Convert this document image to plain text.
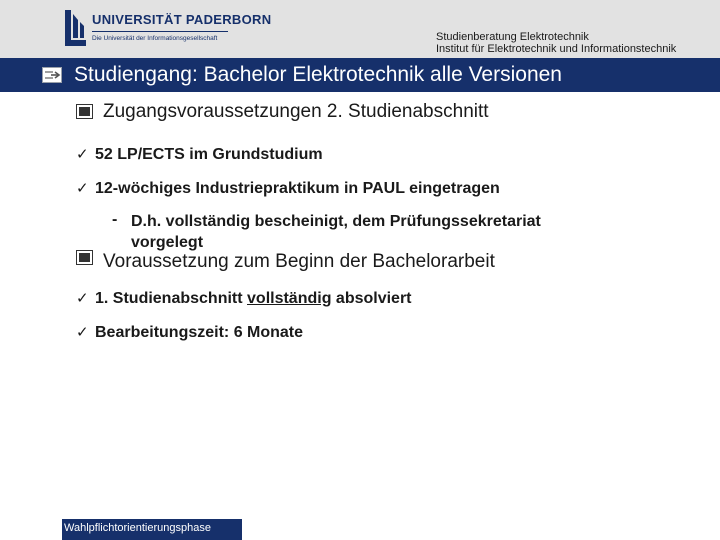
UNIVERSITÄT PADERBORN
Die Universität der Informationsgesellschaft	Studienberatung Elektrotechnik
Institut für Elektrotechnik und Informationstechnik
Studiengang: Bachelor Elektrotechnik alle Versionen
Zugangsvoraussetzungen 2. Studienabschnitt
✓ 52 LP/ECTS im Grundstudium
✓ 12-wöchiges Industriepraktikum in PAUL eingetragen
- D.h. vollständig bescheinigt, dem Prüfungssekretariat vorgelegt
Voraussetzung zum Beginn der Bachelorarbeit
✓ 1. Studienabschnitt vollständig absolviert
✓ Bearbeitungszeit: 6 Monate
Wahlpflichtorientierungsphase
